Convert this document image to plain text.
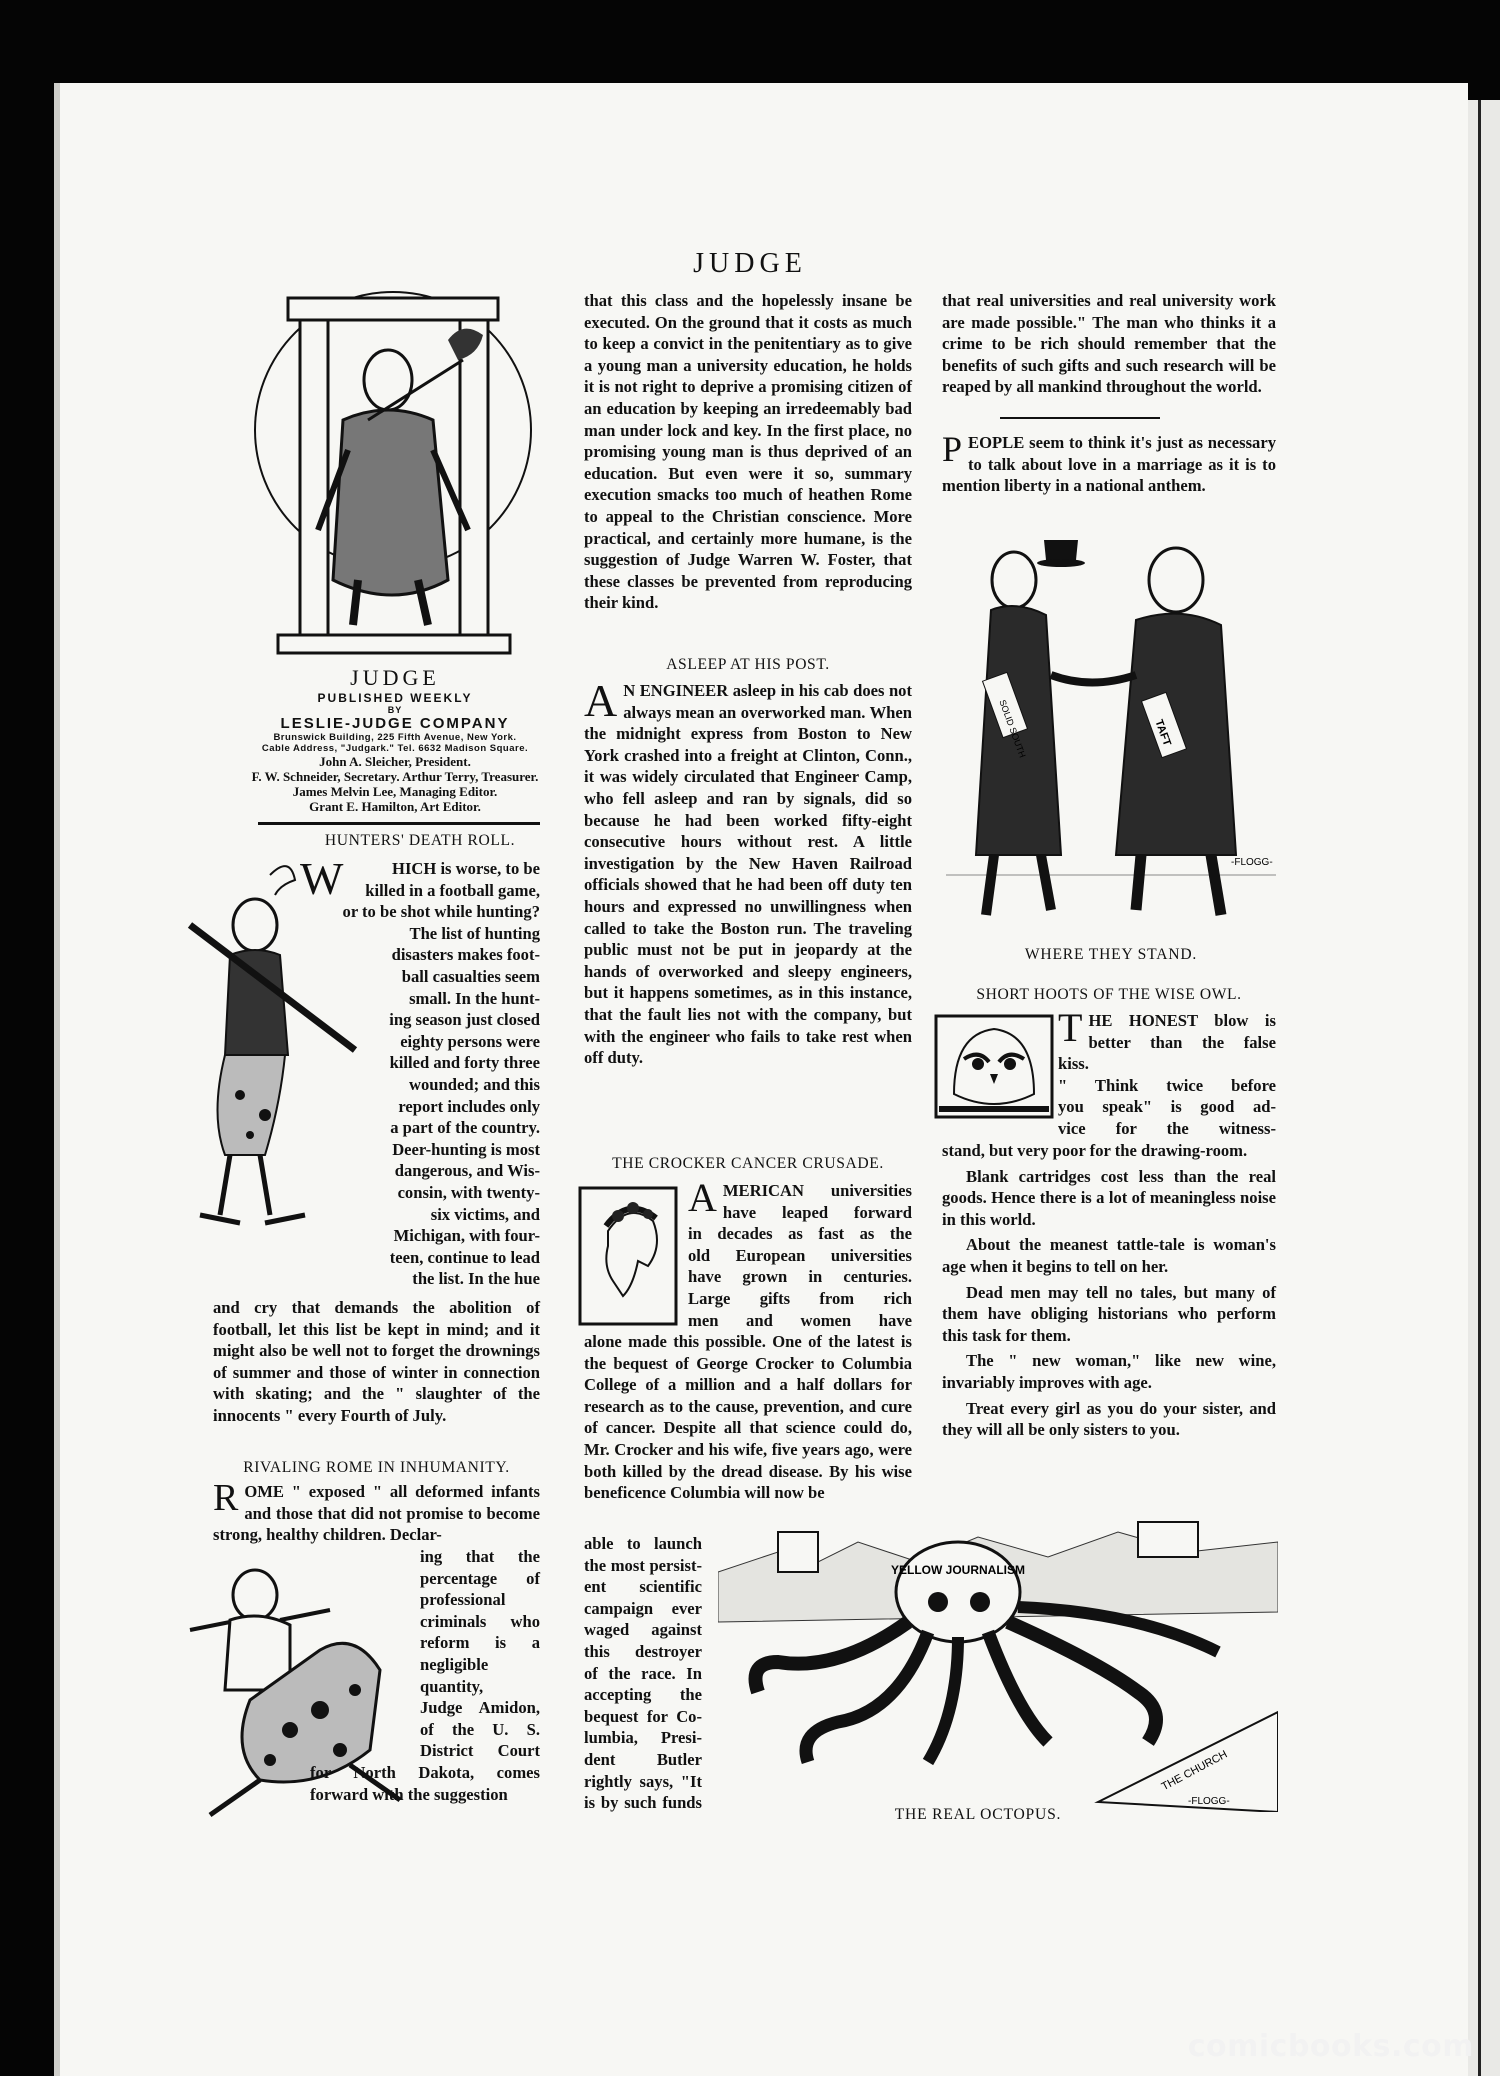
JUDGE
JUDGE
PUBLISHED WEEKLY
BY
LESLIE-JUDGE COMPANY
Brunswick Building, 225 Fifth Avenue, New York.
Cable Address, "Judgark." Tel. 6632 Madison Square.
John A. Sleicher, President.
F. W. Schneider, Secretary. Arthur Terry, Treasurer.
James Melvin Lee, Managing Editor.
Grant E. Hamilton, Art Editor.
HUNTERS' DEATH ROLL.
W	HICH is worse, to be
killed in a football game,
or to be shot while hunting?
The list of hunting
disasters makes foot-
ball casualties seem
small. In the hunt-
ing season just closed
eighty persons were
killed and forty three
wounded; and this
report includes only
a part of the country.
Deer-hunting is most
dangerous, and Wis-
consin, with twenty-
six victims, and
Michigan, with four-
teen, continue to lead
the list. In the hue
and cry that demands the abolition of football, let this list be kept in mind; and it might also be well not to forget the drownings of summer and those of winter in connection with skating; and the " slaughter of the innocents " every Fourth of July.
RIVALING ROME IN INHUMANITY.
R OME " exposed " all deformed infants and those that did not promise to become strong, healthy children. Declar-
ing that the
percentage of
professional
criminals who
reform is a
negligible
quantity,
Judge Amidon,
of the U. S.
District Court
for North Dakota, comes forward with the suggestion
that this class and the hopelessly insane be executed. On the ground that it costs as much to keep a convict in the penitentiary as to give a young man a university education, he holds it is not right to deprive a promising citizen of an education by keeping an irredeemably bad man under lock and key. In the first place, no promising young man is thus deprived of an education. But even were it so, summary execution smacks too much of heathen Rome to appeal to the Christian conscience. More practical, and certainly more humane, is the suggestion of Judge Warren W. Foster, that these classes be prevented from reproducing their kind.
ASLEEP AT HIS POST.
A N ENGINEER asleep in his cab does not always mean an overworked man. When the midnight express from Boston to New York crashed into a freight at Clinton, Conn., it was widely circulated that Engineer Camp, who fell asleep and ran by signals, did so because he had been worked fifty-eight consecutive hours without rest. A little investigation by the New Haven Railroad officials showed that he had been off duty ten hours and expressed no unwillingness when called to take the Boston run. The traveling public must not be put in jeopardy at the hands of overworked and sleepy engineers, but it happens sometimes, as in this instance, that the fault lies not with the company, but with the engineer who fails to take rest when off duty.
THE CROCKER CANCER CRUSADE.
A MERICAN universities
have leaped forward
in decades as fast as the
old European universities
have grown in centuries.
Large gifts from rich
men and women have
alone made this possible. One of the latest is the bequest of George Crocker to Columbia College of a million and a half dollars for research as to the cause, prevention, and cure of cancer. Despite all that science could do, Mr. Crocker and his wife, five years ago, were both killed by the dread disease. By his wise beneficence Columbia will now be
able to launch
the most persist-
ent scientific
campaign ever
waged against
this destroyer
of the race. In
accepting the
bequest for Co-
lumbia, Presi-
dent Butler
rightly says, "It
is by such funds
that real universities and real university work are made possible." The man who thinks it a crime to be rich should remember that the benefits of such gifts and such research will be reaped by all mankind throughout the world.
P EOPLE seem to think it's just as necessary to talk about love in a marriage as it is to mention liberty in a national anthem.
SOLID SOUTH	TAFT
-FLOGG-
WHERE THEY STAND.
SHORT HOOTS OF THE WISE OWL.
T HE HONEST blow is
better than the false
kiss.
" Think twice before
you speak" is good ad-
vice for the witness-

stand, but very poor for the drawing-room.

Blank cartridges cost less than the real goods. Hence there is a lot of meaningless noise in this world.

About the meanest tattle-tale is woman's age when it begins to tell on her.

Dead men may tell no tales, but many of them have obliging historians who perform this task for them.

The " new woman," like new wine, invariably improves with age.

Treat every girl as you do your sister, and they will all be only sisters to you.

YELLOW JOURNALISM
THE CHURCH
-FLOGG-
THE REAL OCTOPUS.
comicbooks.com
